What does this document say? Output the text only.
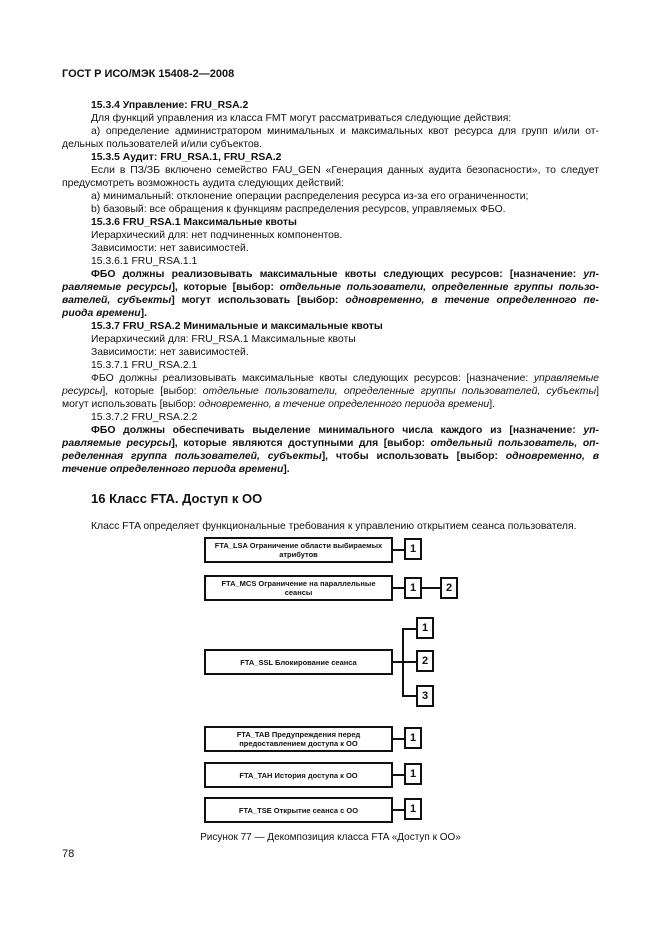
ГОСТ Р ИСО/МЭК 15408-2—2008
15.3.4 Управление: FRU_RSA.2
Для функций управления из класса FMT могут рассматриваться следующие действия:
а) определение администратором минимальных и максимальных квот ресурса для групп и/или от-
дельных пользователей и/или субъектов.
15.3.5 Аудит: FRU_RSA.1, FRU_RSA.2
Если в ПЗ/ЗБ включено семейство FAU_GEN «Генерация данных аудита безопасности», то следует
предусмотреть возможность аудита следующих действий:
а) минимальный: отклонение операции распределения ресурса из-за его ограниченности;
b) базовый: все обращения к функциям распределения ресурсов, управляемых ФБО.
15.3.6 FRU_RSA.1 Максимальные квоты
Иерархический для: нет подчиненных компонентов.
Зависимости: нет зависимостей.
15.3.6.1 FRU_RSA.1.1
ФБО должны реализовывать максимальные квоты следующих ресурсов: [назначение: уп-
равляемые ресурсы], которые [выбор: отдельные пользователи, определенные группы пользо-
вателей, субъекты] могут использовать [выбор: одновременно, в течение определенного пе-
риода времени].
15.3.7 FRU_RSA.2 Минимальные и максимальные квоты
Иерархический для: FRU_RSA.1 Максимальные квоты
Зависимости: нет зависимостей.
15.3.7.1 FRU_RSA.2.1
ФБО должны реализовывать максимальные квоты следующих ресурсов: [назначение: управляемые
ресурсы], которые [выбор: отдельные пользователи, определенные группы пользователей, субъекты]
могут использовать [выбор: одновременно, в течение определенного периода времени].
15.3.7.2 FRU_RSA.2.2
ФБО должны обеспечивать выделение минимального числа каждого из [назначение: уп-
равляемые ресурсы], которые являются доступными для [выбор: отдельный пользователь, оп-
ределенная группа пользователей, субъекты], чтобы использовать [выбор: одновременно, в
течение определенного периода времени].
16 Класс FTA. Доступ к ОО
Класс FTA определяет функциональные требования к управлению открытием сеанса пользователя.
FTA_LSA Ограничение области выбираемых атрибутов	1
FTA_MCS Ограничение на параллельные сеансы	1	2
FTA_SSL Блокирование сеанса
1
2
3
FTA_TAB Предупреждения перед предоставлением доступа к ОО	1
FTA_TAH История доступа к ОО	1
FTA_TSE Открытие сеанса с ОО	1
Рисунок 77 — Декомпозиция класса FTA «Доступ к ОО»
78
